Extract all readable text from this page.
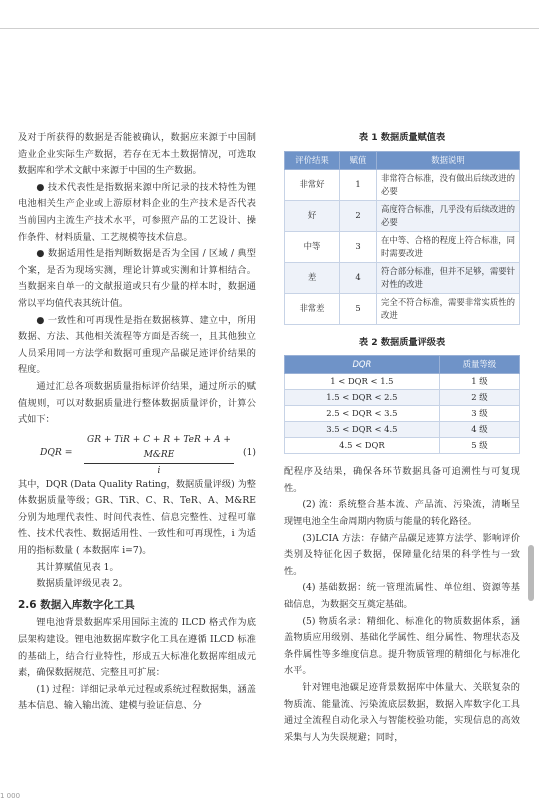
及对于所获得的数据是否能被确认，数据应来源于中国制造业企业实际生产数据，若存在无本土数据情况，可选取数据库和学术文献中来源于中国的生产数据。

● 技术代表性是指数据来源中所记录的技术特性为锂电池相关生产企业或上游原材料企业的生产技术是否代表当前国内主流生产技术水平，可参照产品的工艺设计、操作条件、材料质量、工艺规模等技术信息。

● 数据适用性是指判断数据是否为全国 / 区域 / 典型个案，是否为现场实测，理论计算或实测和计算相结合。当数据来自单一的文献报道或只有少量的样本时，数据通常以平均值代表其统计值。

● 一致性和可再现性是指在数据核算、建立中，所用数据、方法、其他相关流程等方面是否统一，且其他独立人员采用同一方法学和数据可重现产品碳足迹评价结果的程度。

通过汇总各项数据质量指标评价结果，通过所示的赋值规则，可以对数据质量进行整体数据质量评价，计算公式如下：

DQR =
GR + TiR + C + R + TeR + A + M&RE
i
(1)

其中，DQR (Data Quality Rating，数据质量评级) 为整体数据质量等级；GR、TiR、C、R、TeR、A、M&RE 分别为地理代表性、时间代表性、信息完整性、过程可靠性、技术代表性、数据适用性、一致性和可再现性，i 为适用的指标数量 ( 本数据库 i=7)。

其计算赋值见表 1。

数据质量评级见表 2。

2.6 数据入库数字化工具

锂电池背景数据库采用国际主流的 ILCD 格式作为底层架构建设。锂电池数据库数字化工具在遵循 ILCD 标准的基础上，结合行业特性，形成五大标准化数据库组成元素，确保数据规范、完整且可扩展：

(1) 过程：详细记录单元过程或系统过程数据集，涵盖基本信息、输入输出流、建模与验证信息、分

表 1 数据质量赋值表
评价结果	赋值	数据说明
非常好	1	非常符合标准，没有做出后续改进的必要
好	2	高度符合标准，几乎没有后续改进的必要
中等	3	在中等、合格的程度上符合标准，同时需要改进
差	4	符合部分标准，但并不足够，需要针对性的改进
非常差	5	完全不符合标准，需要非常实质性的改进
表 2 数据质量评级表
DQR	质量等级
1 < DQR < 1.5	1 级
1.5 < DQR < 2.5	2 级
2.5 < DQR < 3.5	3 级
3.5 < DQR < 4.5	4 级
4.5 < DQR	5 级

配程序及结果，确保各环节数据具备可追溯性与可复现性。

(2) 流：系统整合基本流、产品流、污染流，清晰呈现锂电池全生命周期内物质与能量的转化路径。

(3)LCIA 方法：存储产品碳足迹算方法学、影响评价类别及特征化因子数据，保障量化结果的科学性与一致性。

(4) 基础数据：统一管理流属性、单位组、资源等基础信息，为数据交互奠定基础。

(5) 物质名录：精细化、标准化的物质数据体系，涵盖物质应用级别、基础化学属性、组分属性、物理状态及条件属性等多维度信息。提升物质管理的精细化与标准化水平。

针对锂电池碳足迹背景数据库中体量大、关联复杂的物质流、能量流、污染流底层数据，数据入库数字化工具通过全流程自动化录入与智能校验功能，实现信息的高效采集与人为失误规避；同时，

1 000
